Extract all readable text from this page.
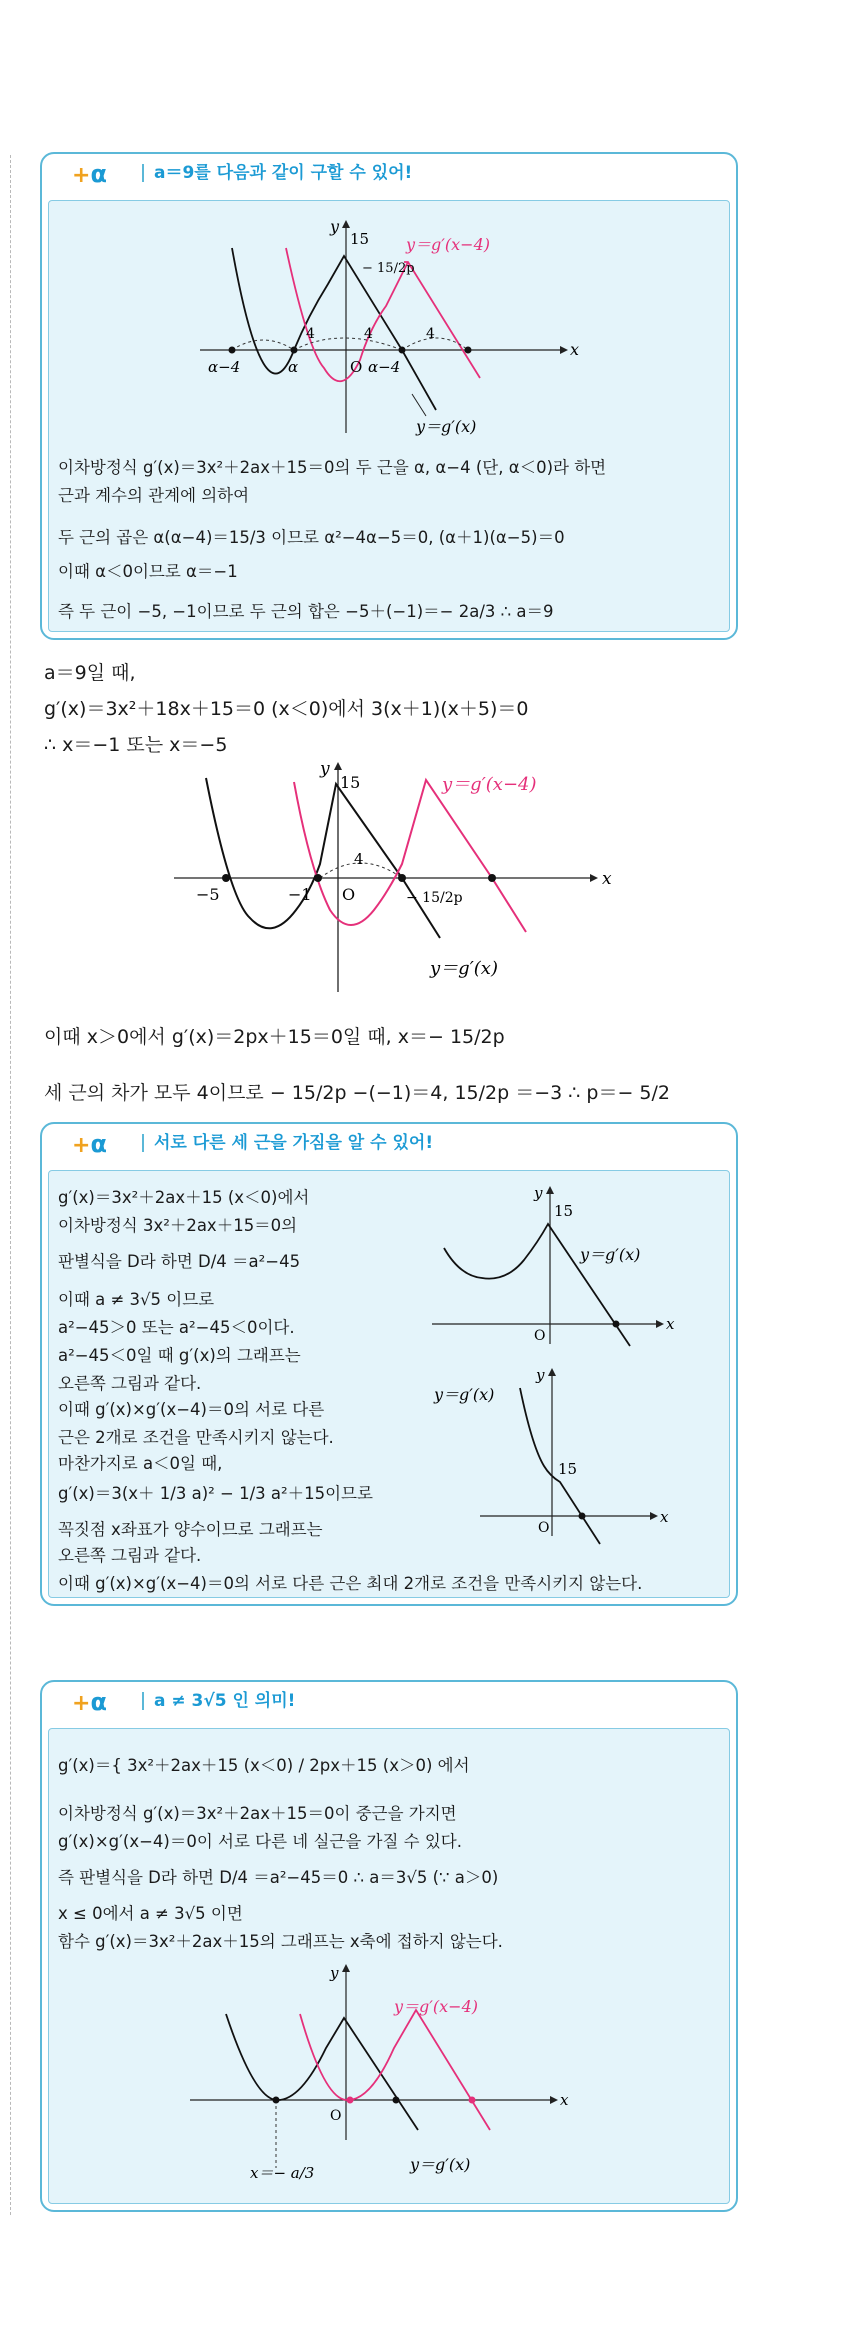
+α	a＝9를 다음과 같이 구할 수 있어!
y
x
O
15
− 15/2p
4	4	4
α−4	α	α−4
y＝g′(x−4)
y＝g′(x)
이차방정식 g′(x)＝3x²＋2ax＋15＝0의 두 근을 α, α−4 (단, α＜0)라 하면
근과 계수의 관계에 의하여
두 근의 곱은 α(α−4)＝15/3 이므로 α²−4α−5＝0, (α＋1)(α−5)＝0
이때 α＜0이므로 α＝−1
즉 두 근이 −5, −1이므로 두 근의 합은 −5＋(−1)＝− 2a/3 ∴ a＝9
a＝9일 때,
g′(x)＝3x²＋18x＋15＝0 (x＜0)에서 3(x＋1)(x＋5)＝0
∴ x＝−1 또는 x＝−5
y
x
O
15
−5	−1
4
− 15/2p
y＝g′(x−4)
y＝g′(x)
이때 x＞0에서 g′(x)＝2px＋15＝0일 때, x＝− 15/2p
세 근의 차가 모두 4이므로 − 15/2p −(−1)＝4, 15/2p ＝−3 ∴ p＝− 5/2
+α	서로 다른 세 근을 가짐을 알 수 있어!
g′(x)＝3x²＋2ax＋15 (x＜0)에서
이차방정식 3x²＋2ax＋15＝0의
판별식을 D라 하면 D/4 ＝a²−45
이때 a ≠ 3√5 이므로
a²−45＞0 또는 a²−45＜0이다.
a²−45＜0일 때 g′(x)의 그래프는
오른쪽 그림과 같다.
이때 g′(x)×g′(x−4)＝0의 서로 다른
근은 2개로 조건을 만족시키지 않는다.
마찬가지로 a＜0일 때,
g′(x)＝3(x＋ 1/3 a)² − 1/3 a²＋15이므로
꼭짓점 x좌표가 양수이므로 그래프는
오른쪽 그림과 같다.
이때 g′(x)×g′(x−4)＝0의 서로 다른 근은 최대 2개로 조건을 만족시키지 않는다.
y
x
O
15
y＝g′(x)
y
x
O
15
y＝g′(x)
+α	a ≠ 3√5 인 의미!
g′(x)＝{ 3x²＋2ax＋15 (x＜0) / 2px＋15 (x＞0) 에서
이차방정식 g′(x)＝3x²＋2ax＋15＝0이 중근을 가지면
g′(x)×g′(x−4)＝0이 서로 다른 네 실근을 가질 수 있다.
즉 판별식을 D라 하면 D/4 ＝a²−45＝0 ∴ a＝3√5 (∵ a＞0)
x ≤ 0에서 a ≠ 3√5 이면
함수 g′(x)＝3x²＋2ax＋15의 그래프는 x축에 접하지 않는다.
y
x
O
y＝g′(x−4)
y＝g′(x)
x＝− a/3
